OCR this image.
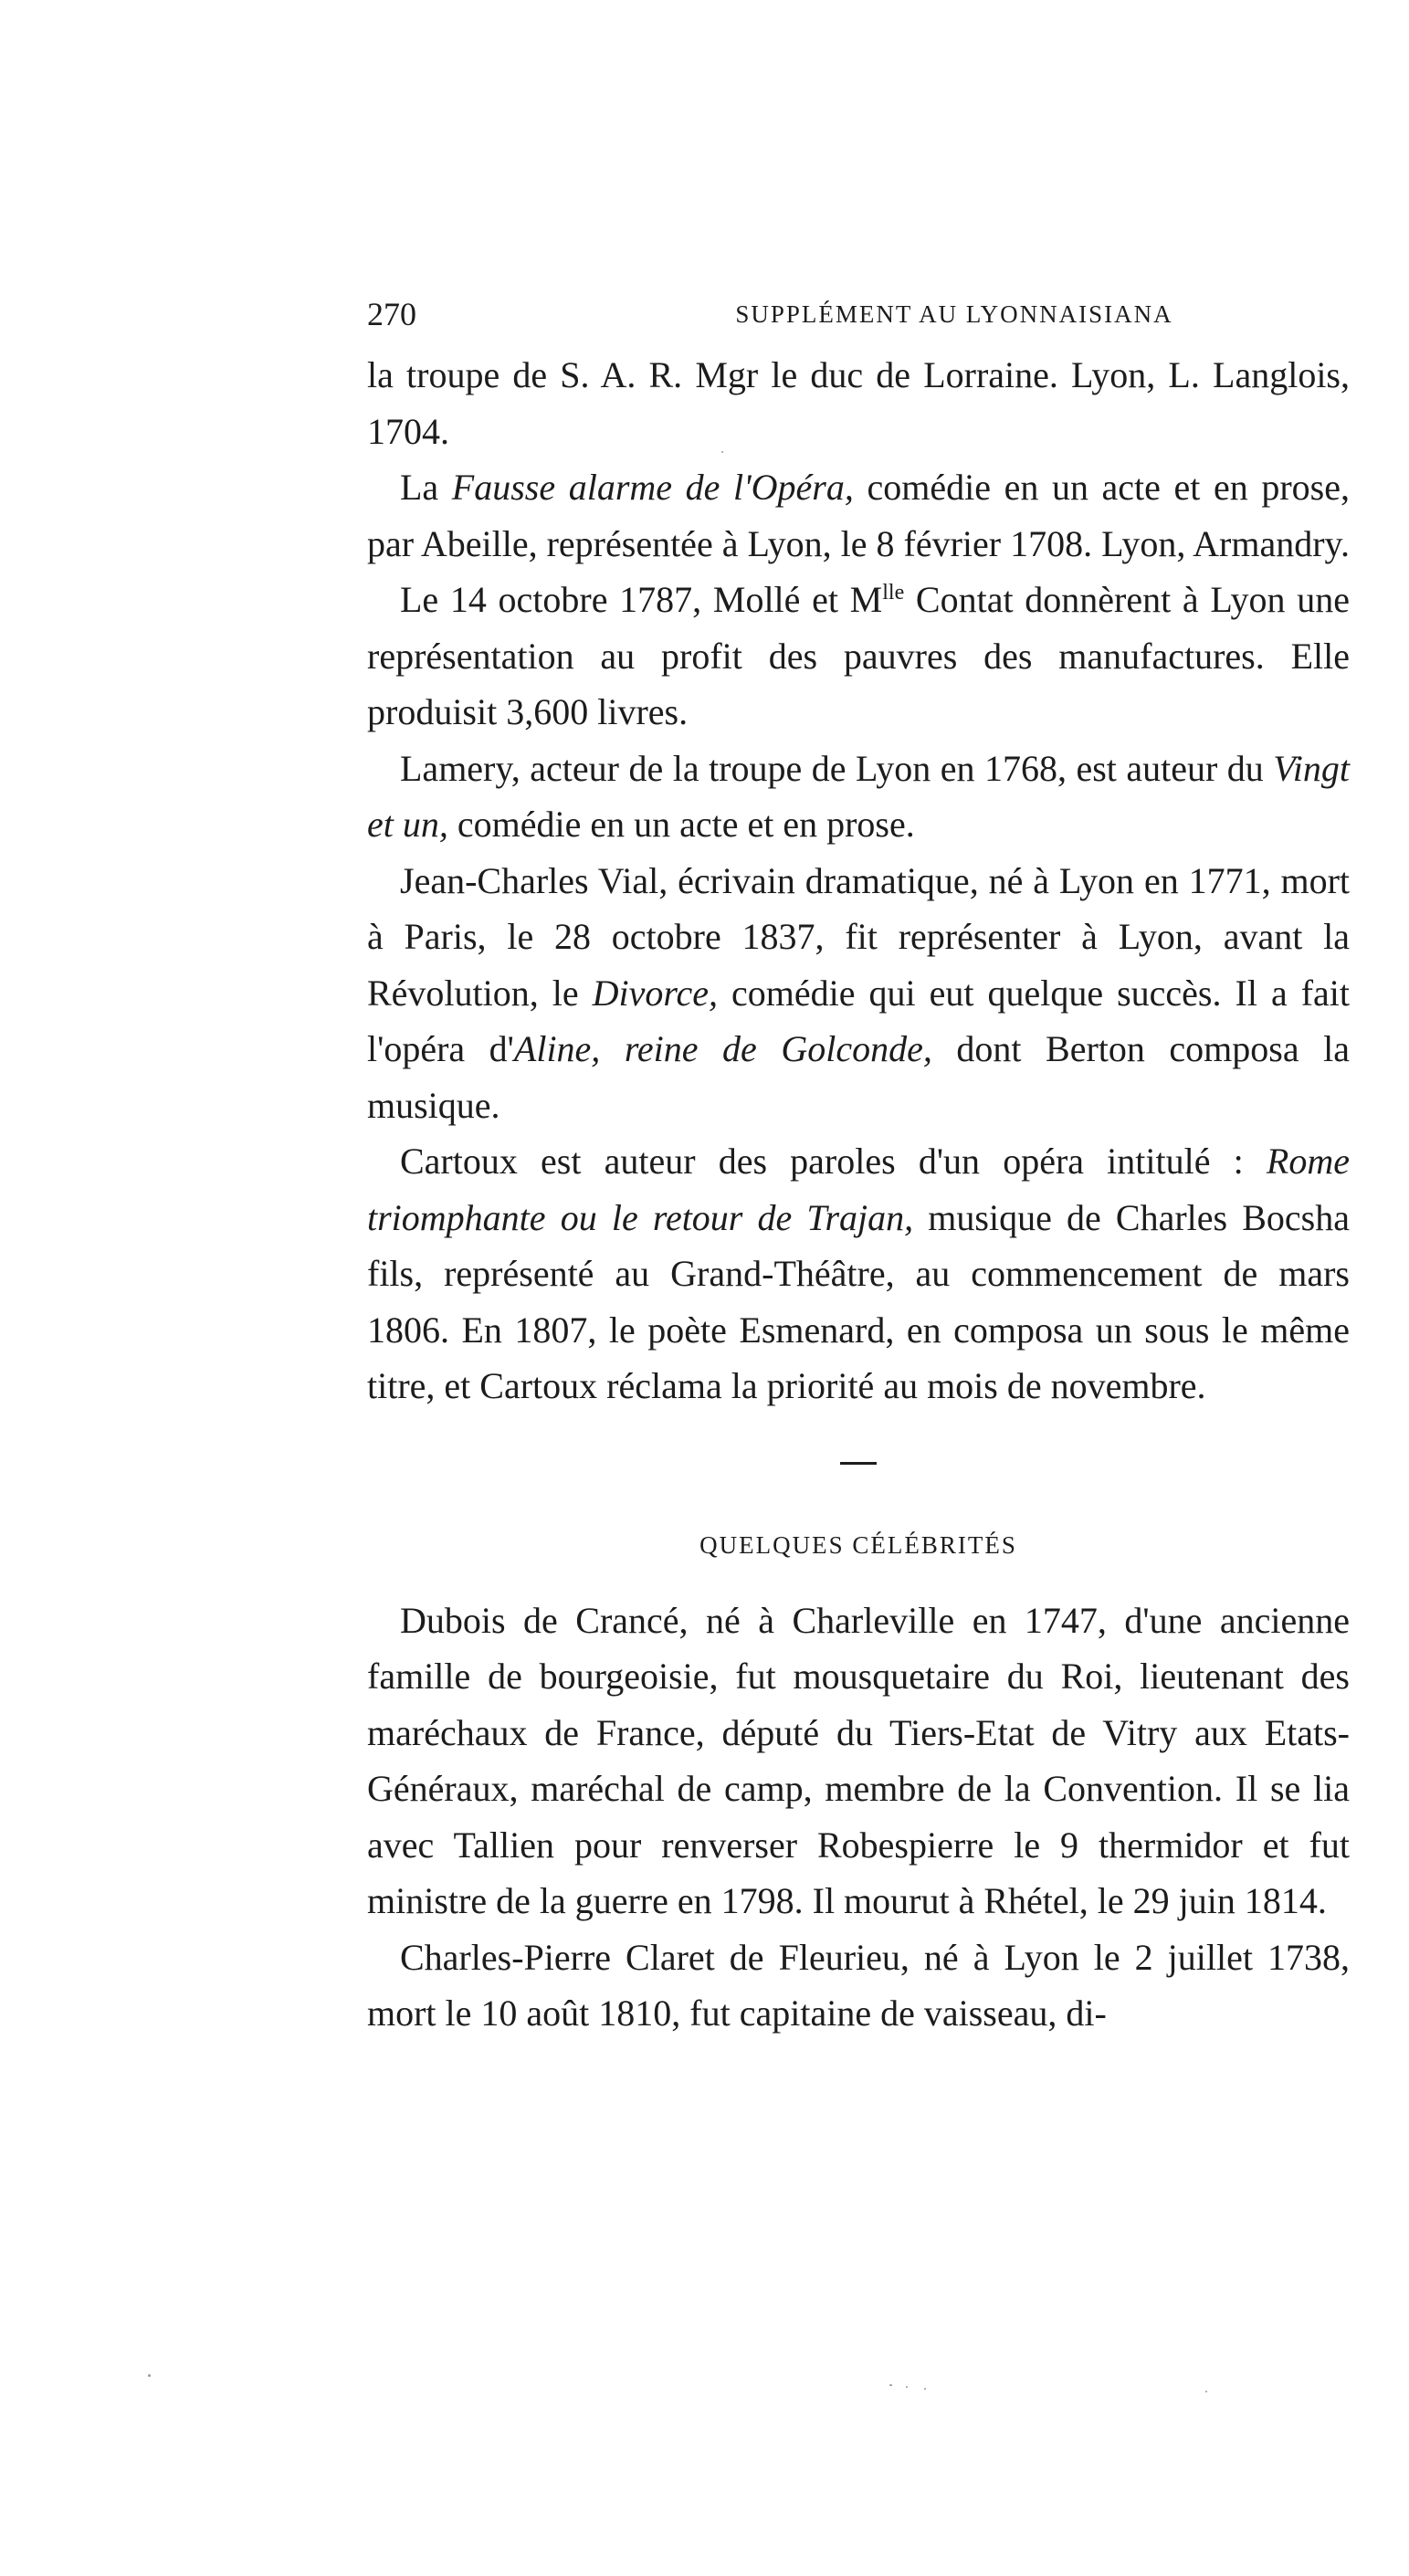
270	SUPPLÉMENT AU LYONNAISIANA

la troupe de S. A. R. Mgr le duc de Lorraine. Lyon, L. Langlois, 1704.

La Fausse alarme de l'Opéra, comédie en un acte et en prose, par Abeille, représentée à Lyon, le 8 février 1708. Lyon, Armandry.

Le 14 octobre 1787, Mollé et $M^{lle}$ Contat donnèrent à Lyon une représentation au profit des pauvres des manufactures. Elle produisit 3,600 livres.

Lamery, acteur de la troupe de Lyon en 1768, est auteur du Vingt et un, comédie en un acte et en prose.

Jean-Charles Vial, écrivain dramatique, né à Lyon en 1771, mort à Paris, le 28 octobre 1837, fit représenter à Lyon, avant la Révolution, le Divorce, comédie qui eut quelque succès. Il a fait l'opéra d'Aline, reine de Golconde, dont Berton composa la musique.

Cartoux est auteur des paroles d'un opéra intitulé : Rome triomphante ou le retour de Trajan, musique de Charles Bocsha fils, représenté au Grand-Théâtre, au commencement de mars 1806. En 1807, le poète Esmenard, en composa un sous le même titre, et Cartoux réclama la priorité au mois de novembre.

QUELQUES CÉLÉBRITÉS

Dubois de Crancé, né à Charleville en 1747, d'une ancienne famille de bourgeoisie, fut mousquetaire du Roi, lieutenant des maréchaux de France, député du Tiers-Etat de Vitry aux Etats-Généraux, maréchal de camp, membre de la Convention. Il se lia avec Tallien pour renverser Robespierre le 9 thermidor et fut ministre de la guerre en 1798. Il mourut à Rhétel, le 29 juin 1814.

Charles-Pierre Claret de Fleurieu, né à Lyon le 2 juillet 1738, mort le 10 août 1810, fut capitaine de vaisseau, di-
